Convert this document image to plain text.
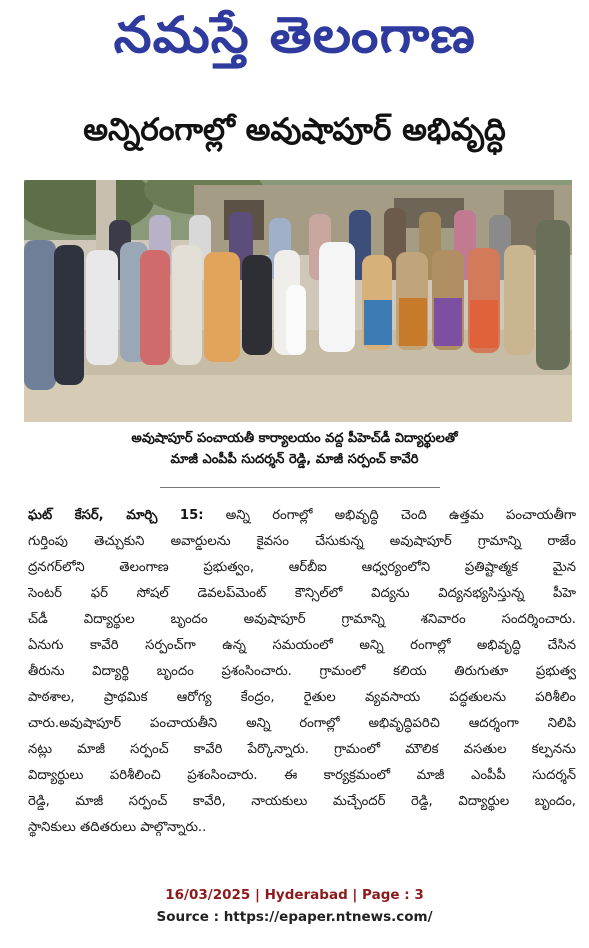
నమస్తే తెలంగాణ
అన్నిరంగాల్లో అవుషాపూర్ అభివృద్ధి
అవుషాపూర్ పంచాయతీ కార్యాలయం వద్ద పీహెచ్‌డీ విద్యార్థులతో
మాజీ ఎంపీపీ సుదర్శన్ రెడ్డి, మాజీ సర్పంచ్ కావేరి
ఘట్ కేసర్, మార్చి 15: అన్ని రంగాల్లో అభివృద్ధి చెంది ఉత్తమ పంచాయతీగా
గుర్తింపు తెచ్చుకుని అవార్డులను కైవసం చేసుకున్న అవుషాపూర్ గ్రామాన్ని రాజేం
ద్రనగర్‌లోని తెలంగాణ ప్రభుత్వం, ఆర్‌బీఐ ఆధ్వర్యంలోని ప్రతిష్టాత్మక మైన
సెంటర్ ఫర్ సోషల్ డెవలప్‌మెంట్ కౌన్సిల్‌లో విద్యను విద్యనభ్యసిస్తున్న పీహె
చ్‌డీ విద్యార్థుల బృందం అవుషాపూర్ గ్రామాన్ని శనివారం సందర్శించారు.
ఏనుగు కావేరి సర్పంచ్‌గా ఉన్న సమయంలో అన్ని రంగాల్లో అభివృద్ధి చేసిన
తీరును విద్యార్థి బృందం ప్రశంసించారు. గ్రామంలో కలియ తిరుగుతూ ప్రభుత్వ
పాఠశాల, ప్రాథమిక ఆరోగ్య కేంద్రం, రైతుల వ్యవసాయ పద్ధతులను పరిశీలిం
చారు.అవుషాపూర్ పంచాయతీని అన్ని రంగాల్లో అభివృద్ధిపరిచి ఆదర్శంగా నిలిపి
నట్లు మాజీ సర్పంచ్ కావేరి పేర్కొన్నారు. గ్రామంలో మౌలిక వసతుల కల్పనను
విద్యార్థులు పరిశీలించి ప్రశంసించారు. ఈ కార్యక్రమంలో మాజీ ఎంపీపీ సుదర్శన్
రెడ్డి, మాజీ సర్పంచ్ కావేరి, నాయకులు మచ్చేందర్ రెడ్డి, విద్యార్థుల బృందం,
స్థానికులు తదితరులు పాల్గొన్నారు..
16/03/2025 | Hyderabad | Page : 3
Source : https://epaper.ntnews.com/
